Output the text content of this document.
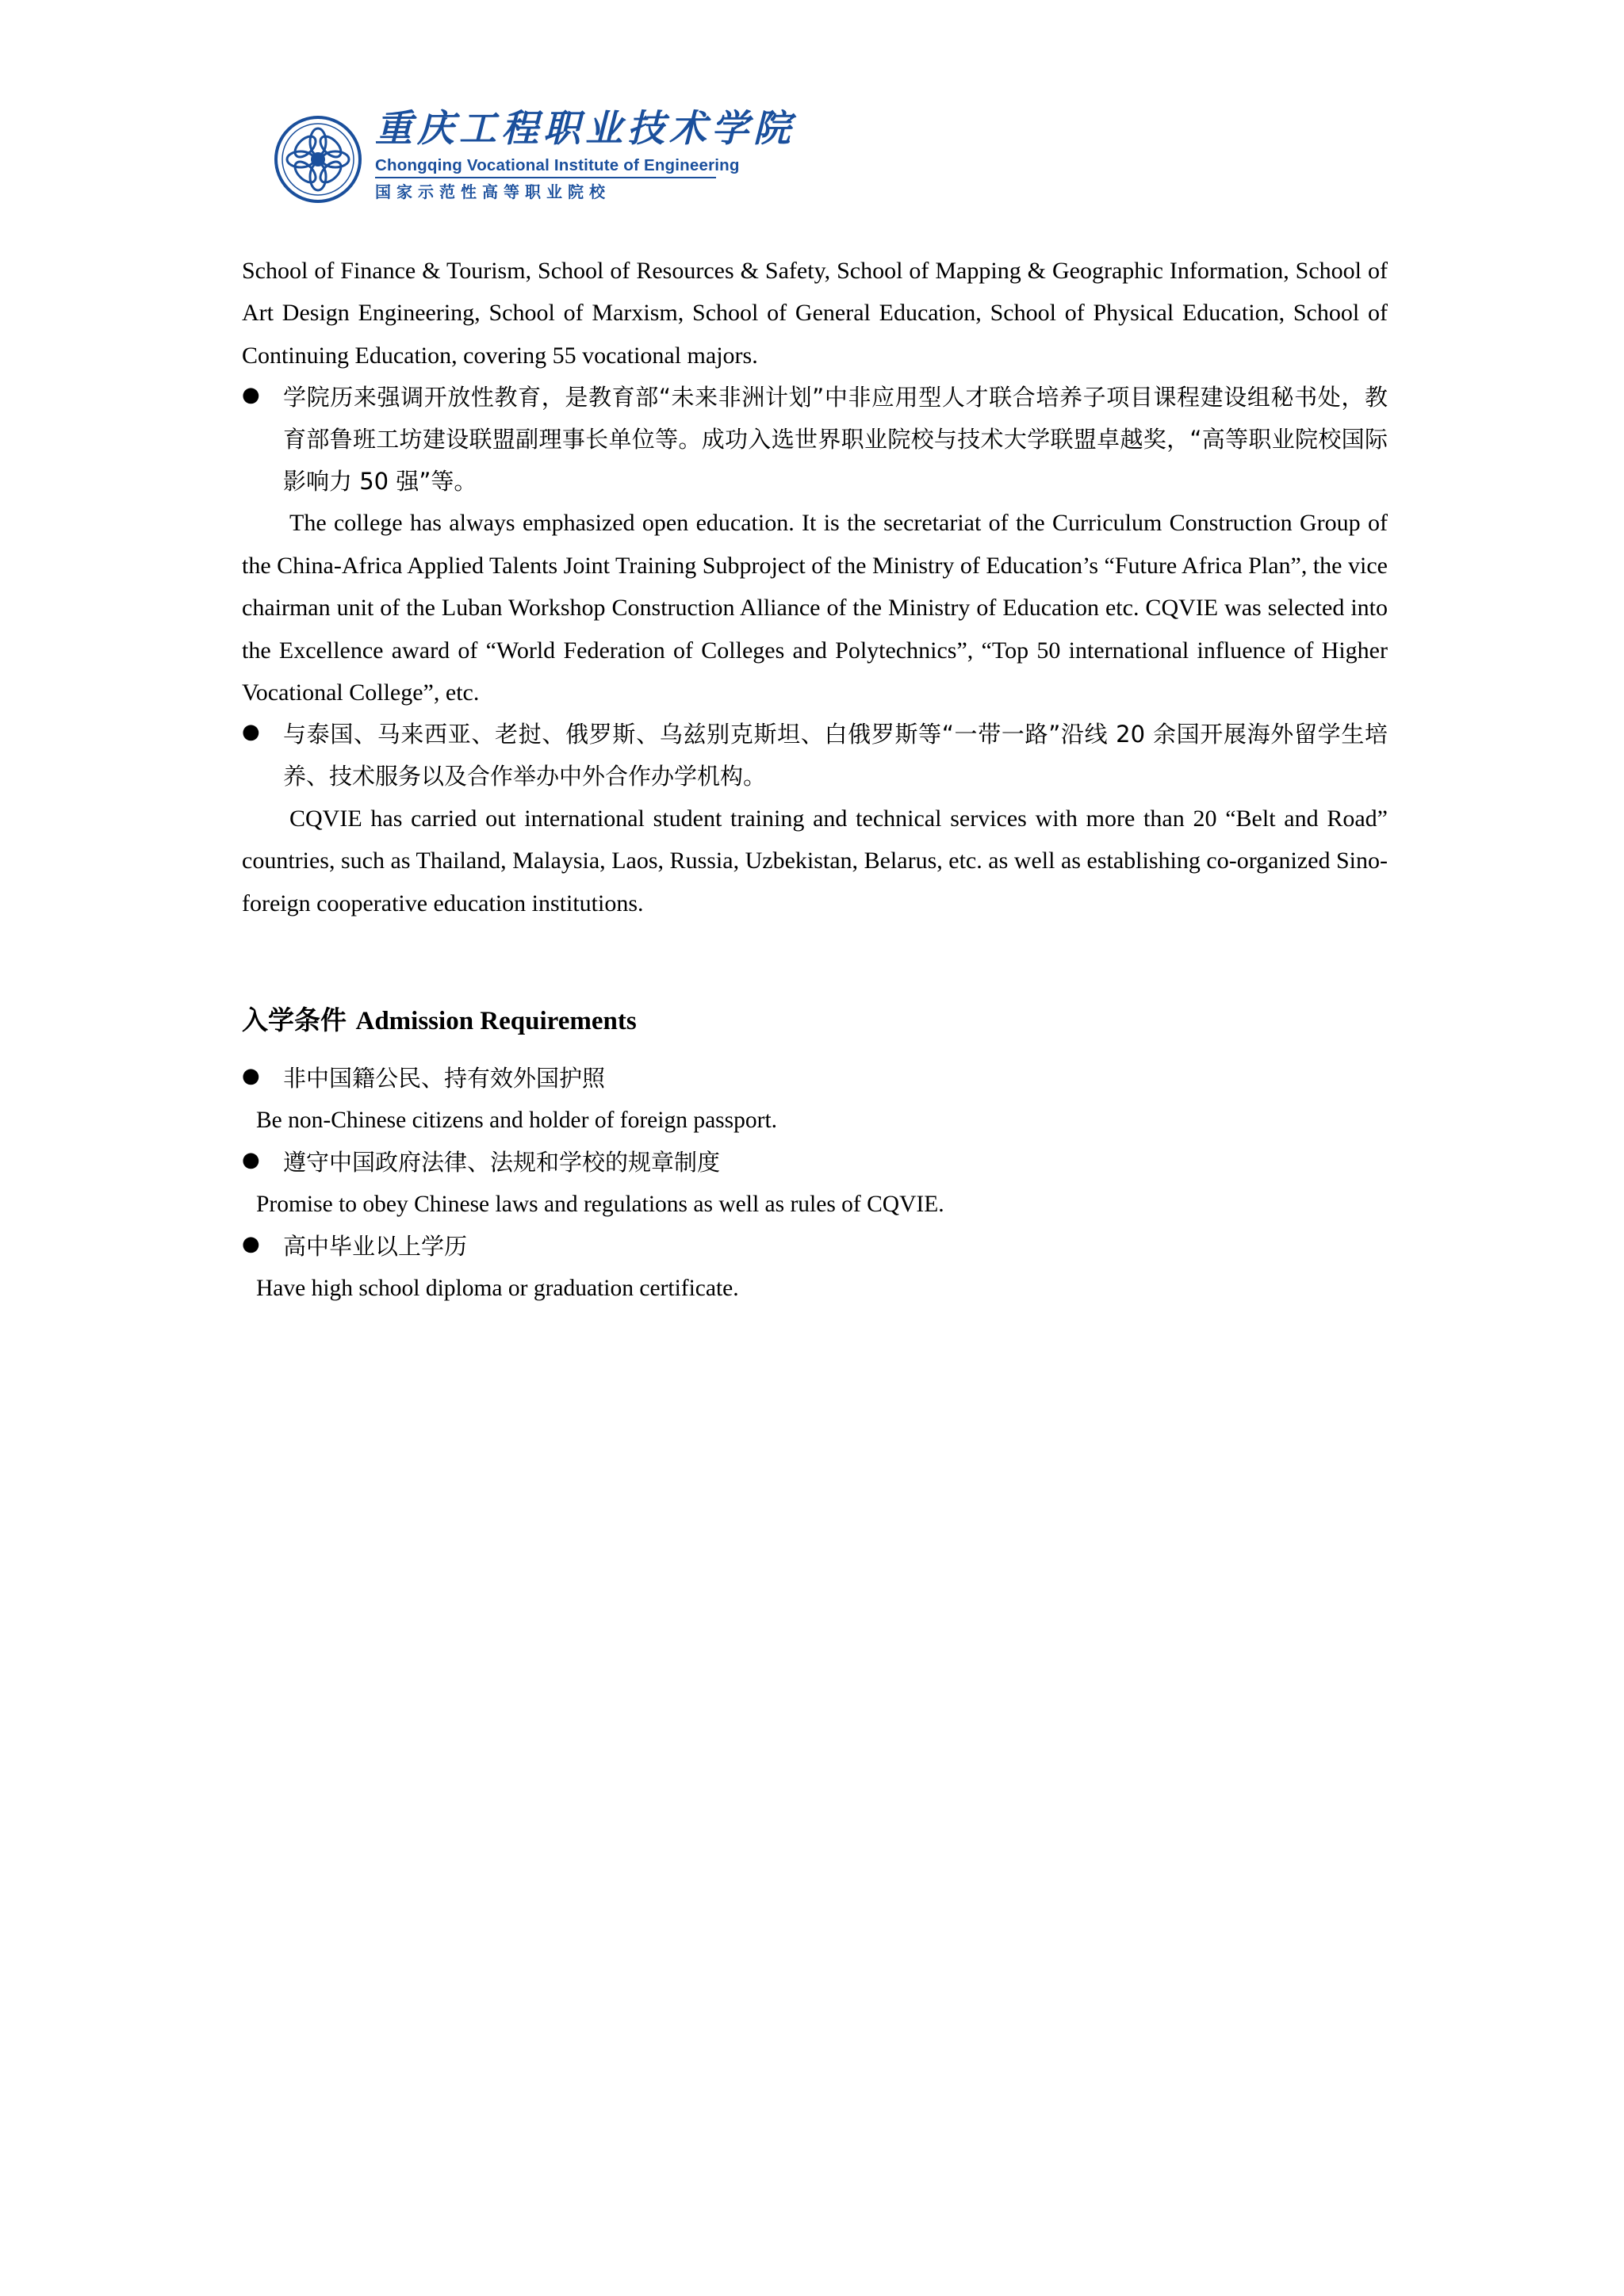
重庆工程职业技术学院
Chongqing Vocational Institute of Engineering
国家示范性高等职业院校

School of Finance & Tourism, School of Resources & Safety, School of Mapping & Geographic Information, School of Art Design Engineering, School of Marxism, School of General Education, School of Physical Education, School of Continuing Education, covering 55 vocational majors.

●	学院历来强调开放性教育，是教育部“未来非洲计划”中非应用型人才联合培养子项目课程建设组秘书处，教育部鲁班工坊建设联盟副理事长单位等。成功入选世界职业院校与技术大学联盟卓越奖，“高等职业院校国际影响力 50 强”等。

The college has always emphasized open education. It is the secretariat of the Curriculum Construction Group of the China-Africa Applied Talents Joint Training Subproject of the Ministry of Education’s “Future Africa Plan”, the vice chairman unit of the Luban Workshop Construction Alliance of the Ministry of Education etc. CQVIE was selected into the Excellence award of “World Federation of Colleges and Polytechnics”, “Top 50 international influence of Higher Vocational College”, etc.

●	与泰国、马来西亚、老挝、俄罗斯、乌兹别克斯坦、白俄罗斯等“一带一路”沿线 20 余国开展海外留学生培养、技术服务以及合作举办中外合作办学机构。

CQVIE has carried out international student training and technical services with more than 20 “Belt and Road” countries, such as Thailand, Malaysia, Laos, Russia, Uzbekistan, Belarus, etc. as well as establishing co-organized Sino-foreign cooperative education institutions.

入学条件 Admission Requirements
●	非中国籍公民、持有效外国护照

Be non-Chinese citizens and holder of foreign passport.

●	遵守中国政府法律、法规和学校的规章制度

Promise to obey Chinese laws and regulations as well as rules of CQVIE.

●	高中毕业以上学历

Have high school diploma or graduation certificate.
